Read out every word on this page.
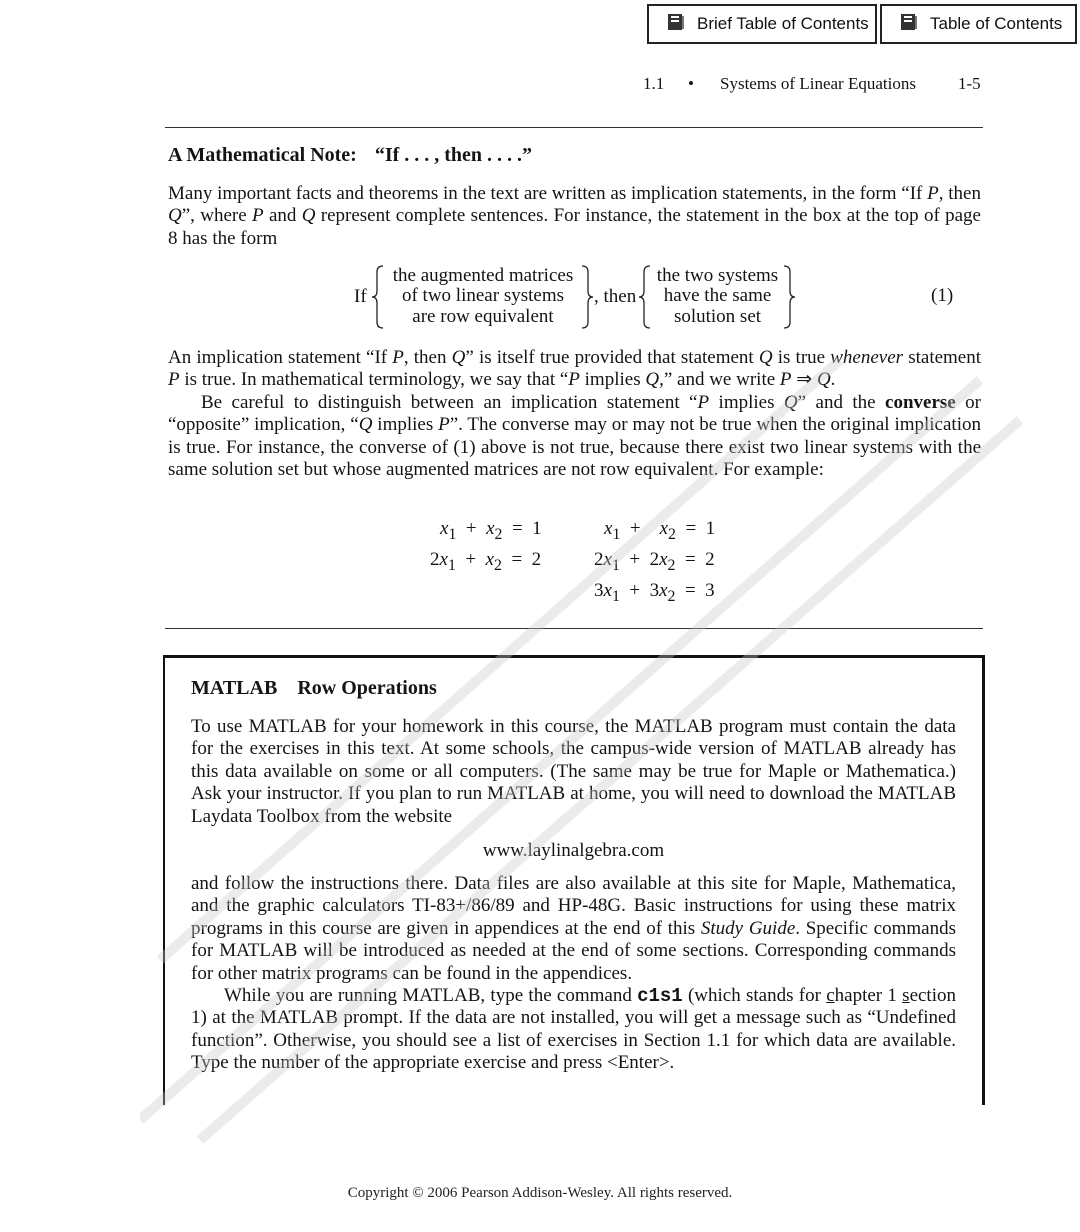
Brief Table of Contents	Table of Contents
1.1 • Systems of Linear Equations 1-5
A Mathematical Note: “If . . . , then . . . .”

Many important facts and theorems in the text are written as implication statements, in the form “If P, then Q”, where P and Q represent complete sentences. For instance, the statement in the box at the top of page 8 has the form

If
the augmented matrices
of two linear systems
are row equivalent
, then
the two systems
have the same
solution set
(1)

An implication statement “If P, then Q” is itself true provided that statement Q is true whenever statement P is true. In mathematical terminology, we say that “P implies Q,” and we write P ⇒ Q.

Be careful to distinguish between an implication statement “P implies Q” and the converse or “opposite” implication, “Q implies P”. The converse may or may not be true when the original implication is true. For instance, the converse of (1) above is not true, because there exist two linear systems with the same solution set but whose augmented matrices are not row equivalent. For example:

$x_1 + x_2 = 1$
$2x_1 + x_2 = 2$
$x_1 + x_2 = 1$
$2x_1 + 2x_2 = 2$
$3x_1 + 3x_2 = 3$
MATLAB Row Operations

To use MATLAB for your homework in this course, the MATLAB program must contain the data for the exercises in this text. At some schools, the campus-wide version of MATLAB already has this data available on some or all computers. (The same may be true for Maple or Mathematica.) Ask your instructor. If you plan to run MATLAB at home, you will need to download the MATLAB Laydata Toolbox from the website

www.laylinalgebra.com

and follow the instructions there. Data files are also available at this site for Maple, Mathematica, and the graphic calculators TI-83+/86/89 and HP-48G. Basic instructions for using these matrix programs in this course are given in appendices at the end of this Study Guide. Specific commands for MATLAB will be introduced as needed at the end of some sections. Corresponding commands for other matrix programs can be found in the appendices.

While you are running MATLAB, type the command c1s1 (which stands for chapter 1 section 1) at the MATLAB prompt. If the data are not installed, you will get a message such as “Undefined function”. Otherwise, you should see a list of exercises in Section 1.1 for which data are available. Type the number of the appropriate exercise and press <Enter>.

Copyright © 2006 Pearson Addison-Wesley. All rights reserved.
